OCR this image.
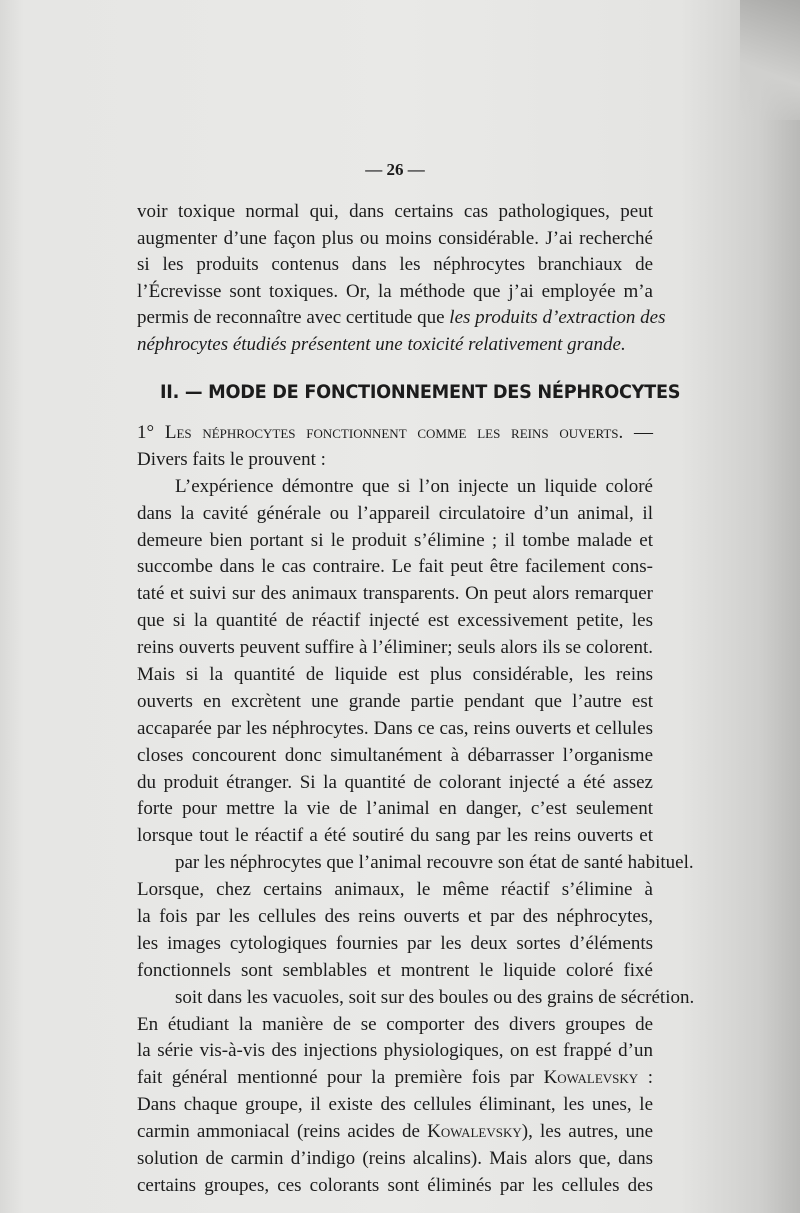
— 26 —
voir toxique normal qui, dans certains cas pathologiques, peut
augmenter d’une façon plus ou moins considérable. J’ai recherché
si les produits contenus dans les néphrocytes branchiaux de
l’Écrevisse sont toxiques. Or, la méthode que j’ai employée m’a
permis de reconnaître avec certitude que les produits d’extraction des
néphrocytes étudiés présentent une toxicité relativement grande.
II. — MODE DE FONCTIONNEMENT DES NÉPHROCYTES
1° Les néphrocytes fonctionnent comme les reins ouverts. —
Divers faits le prouvent :
L’expérience démontre que si l’on injecte un liquide coloré
dans la cavité générale ou l’appareil circulatoire d’un animal, il
demeure bien portant si le produit s’élimine ; il tombe malade et
succombe dans le cas contraire. Le fait peut être facilement cons-
taté et suivi sur des animaux transparents. On peut alors remarquer
que si la quantité de réactif injecté est excessivement petite, les
reins ouverts peuvent suffire à l’éliminer; seuls alors ils se colorent.
Mais si la quantité de liquide est plus considérable, les reins
ouverts en excrètent une grande partie pendant que l’autre est
accaparée par les néphrocytes. Dans ce cas, reins ouverts et cellules
closes concourent donc simultanément à débarrasser l’organisme
du produit étranger. Si la quantité de colorant injecté a été assez
forte pour mettre la vie de l’animal en danger, c’est seulement
lorsque tout le réactif a été soutiré du sang par les reins ouverts et
par les néphrocytes que l’animal recouvre son état de santé habituel.
Lorsque, chez certains animaux, le même réactif s’élimine à
la fois par les cellules des reins ouverts et par des néphrocytes,
les images cytologiques fournies par les deux sortes d’éléments
fonctionnels sont semblables et montrent le liquide coloré fixé
soit dans les vacuoles, soit sur des boules ou des grains de sécrétion.
En étudiant la manière de se comporter des divers groupes de
la série vis-à-vis des injections physiologiques, on est frappé d’un
fait général mentionné pour la première fois par Kowalevsky :
Dans chaque groupe, il existe des cellules éliminant, les unes, le
carmin ammoniacal (reins acides de Kowalevsky), les autres, une
solution de carmin d’indigo (reins alcalins). Mais alors que, dans
certains groupes, ces colorants sont éliminés par les cellules des
